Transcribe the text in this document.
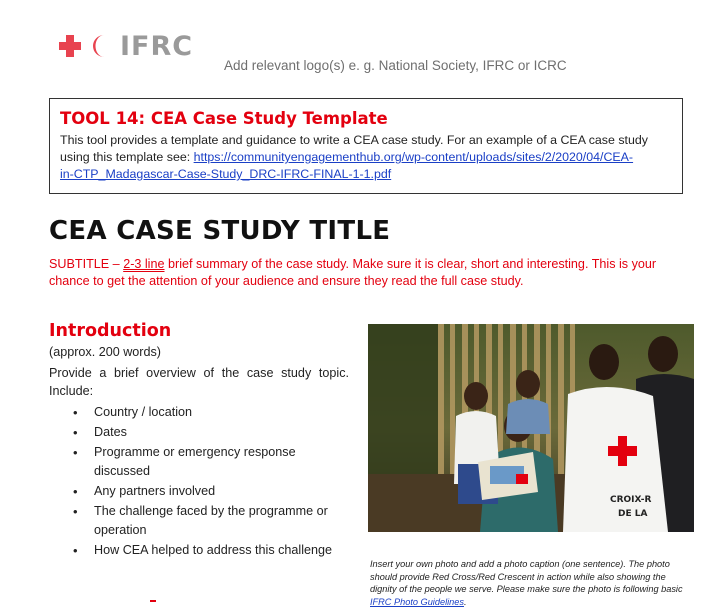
IFRC
Add relevant logo(s) e. g. National Society, IFRC or ICRC
TOOL 14: CEA Case Study Template
This tool provides a template and guidance to write a CEA case study. For an example of a CEA case study
using this template see: https://communityengagementhub.org/wp-content/uploads/sites/2/2020/04/CEA-
in-CTP_Madagascar-Case-Study_DRC-IFRC-FINAL-1-1.pdf
CEA CASE STUDY TITLE
SUBTITLE – 2-3 line brief summary of the case study. Make sure it is clear, short and interesting. This is your chance to get the attention of your audience and ensure they read the full case study.
Introduction
(approx. 200 words)
Provide a brief overview of the case study topic. Include:
• Country / location
• Dates
• Programme or emergency response discussed
• Any partners involved
• The challenge faced by the programme or operation
• How CEA helped to address this challenge
CROIX-R
DE LA
Insert your own photo and add a photo caption (one sentence). The photo should provide Red Cross/Red Crescent in action while also showing the dignity of the people we serve. Please make sure the photo is following basic IFRC Photo Guidelines.
